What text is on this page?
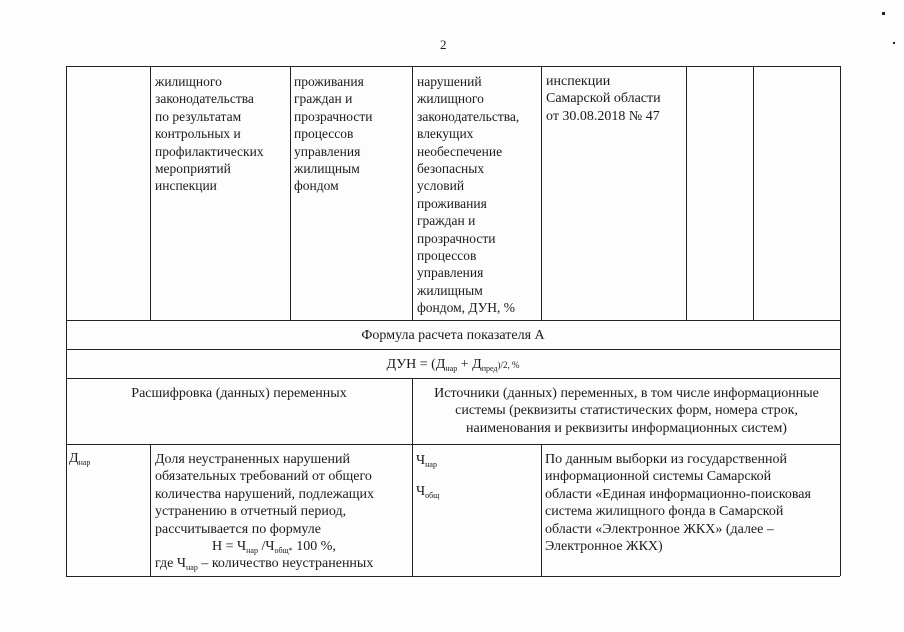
2
жилищного
законодательства
по результатам
контрольных и
профилактических
мероприятий
инспекции
проживания
граждан и
прозрачности
процессов
управления
жилищным
фондом
нарушений
жилищного
законодательства,
влекущих
необеспечение
безопасных
условий
проживания
граждан и
прозрачности
процессов
управления
жилищным
фондом, ДУН, %
инспекции
Самарской области
от 30.08.2018 № 47
Формула расчета показателя А
ДУН = $(Д_{нар} + Д_{пред})/2$, %
Расшифровка (данных) переменных	Источники (данных) переменных, в том числе информационные
системы (реквизиты статистических форм, номера строк,
наименования и реквизиты информационных систем)
$Д_{нар}$	Доля неустраненных нарушений
обязательных требований от общего
количества нарушений, подлежащих
устранению в отчетный период,
рассчитывается по формуле
$Н = Ч_{нар}$ $/Ч_{общ*}$ 100 %,
где $Ч_{нар}$ – количество неустраненных
$Ч_{нар}$
$Ч_{общ}$
По данным выборки из государственной
информационной системы Самарской
области «Единая информационно-поисковая
система жилищного фонда в Самарской
области «Электронное ЖКХ» (далее –
Электронное ЖКХ)
